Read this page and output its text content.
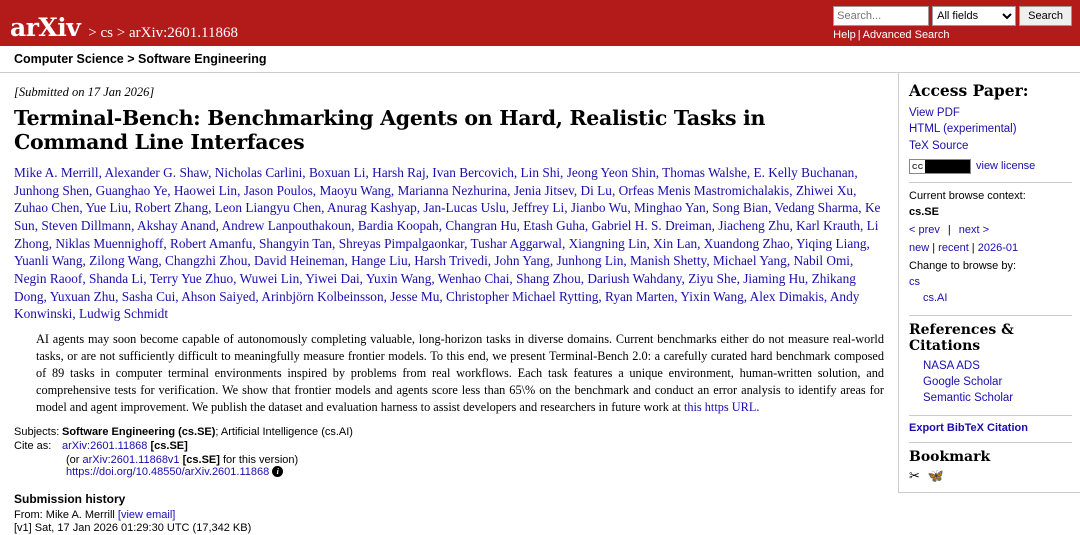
arXiv > cs > arXiv:2601.11868
Search...
All fields
Search
Help | Advanced Search
Computer Science > Software Engineering
[Submitted on 17 Jan 2026]
Terminal-Bench: Benchmarking Agents on Hard, Realistic Tasks in Command Line Interfaces
Mike A. Merrill, Alexander G. Shaw, Nicholas Carlini, Boxuan Li, Harsh Raj, Ivan Bercovich, Lin Shi, Jeong Yeon Shin, Thomas Walshe, E. Kelly Buchanan, Junhong Shen, Guanghao Ye, Haowei Lin, Jason Poulos, Maoyu Wang, Marianna Nezhurina, Jenia Jitsev, Di Lu, Orfeas Menis Mastromichalakis, Zhiwei Xu, Zuhao Chen, Yue Liu, Robert Zhang, Leon Liangyu Chen, Anurag Kashyap, Jan-Lucas Uslu, Jeffrey Li, Jianbo Wu, Minghao Yan, Song Bian, Vedang Sharma, Ke Sun, Steven Dillmann, Akshay Anand, Andrew Lanpouthakoun, Bardia Koopah, Changran Hu, Etash Guha, Gabriel H. S. Dreiman, Jiacheng Zhu, Karl Krauth, Li Zhong, Niklas Muennighoff, Robert Amanfu, Shangyin Tan, Shreyas Pimpalgaonkar, Tushar Aggarwal, Xiangning Lin, Xin Lan, Xuandong Zhao, Yiqing Liang, Yuanli Wang, Zilong Wang, Changzhi Zhou, David Heineman, Hange Liu, Harsh Trivedi, John Yang, Junhong Lin, Manish Shetty, Michael Yang, Nabil Omi, Negin Raoof, Shanda Li, Terry Yue Zhuo, Wuwei Lin, Yiwei Dai, Yuxin Wang, Wenhao Chai, Shang Zhou, Dariush Wahdany, Ziyu She, Jiaming Hu, Zhikang Dong, Yuxuan Zhu, Sasha Cui, Ahson Saiyed, Arinbjörn Kolbeinsson, Jesse Mu, Christopher Michael Rytting, Ryan Marten, Yixin Wang, Alex Dimakis, Andy Konwinski, Ludwig Schmidt
AI agents may soon become capable of autonomously completing valuable, long-horizon tasks in diverse domains. Current benchmarks either do not measure real-world tasks, or are not sufficiently difficult to meaningfully measure frontier models. To this end, we present Terminal-Bench 2.0: a carefully curated hard benchmark composed of 89 tasks in computer terminal environments inspired by problems from real workflows. Each task features a unique environment, human-written solution, and comprehensive tests for verification. We show that frontier models and agents score less than 65\% on the benchmark and conduct an error analysis to identify areas for model and agent improvement. We publish the dataset and evaluation harness to assist developers and researchers in future work at this https URL.
Subjects: Software Engineering (cs.SE); Artificial Intelligence (cs.AI)
Cite as: arXiv:2601.11868 [cs.SE]
(or arXiv:2601.11868v1 [cs.SE] for this version)
https://doi.org/10.48550/arXiv.2601.11868 i
Submission history
From: Mike A. Merrill [view email]
[v1] Sat, 17 Jan 2026 01:29:30 UTC (17,342 KB)
Access Paper:
View PDF
HTML (experimental)
TeX Source
CC	view license
Current browse context:
cs.SE
< prev | next >
new | recent | 2026-01
Change to browse by:
cs
cs.AI
References & Citations
NASA ADS
Google Scholar
Semantic Scholar
Export BibTeX Citation
Bookmark
✂ 🦋
